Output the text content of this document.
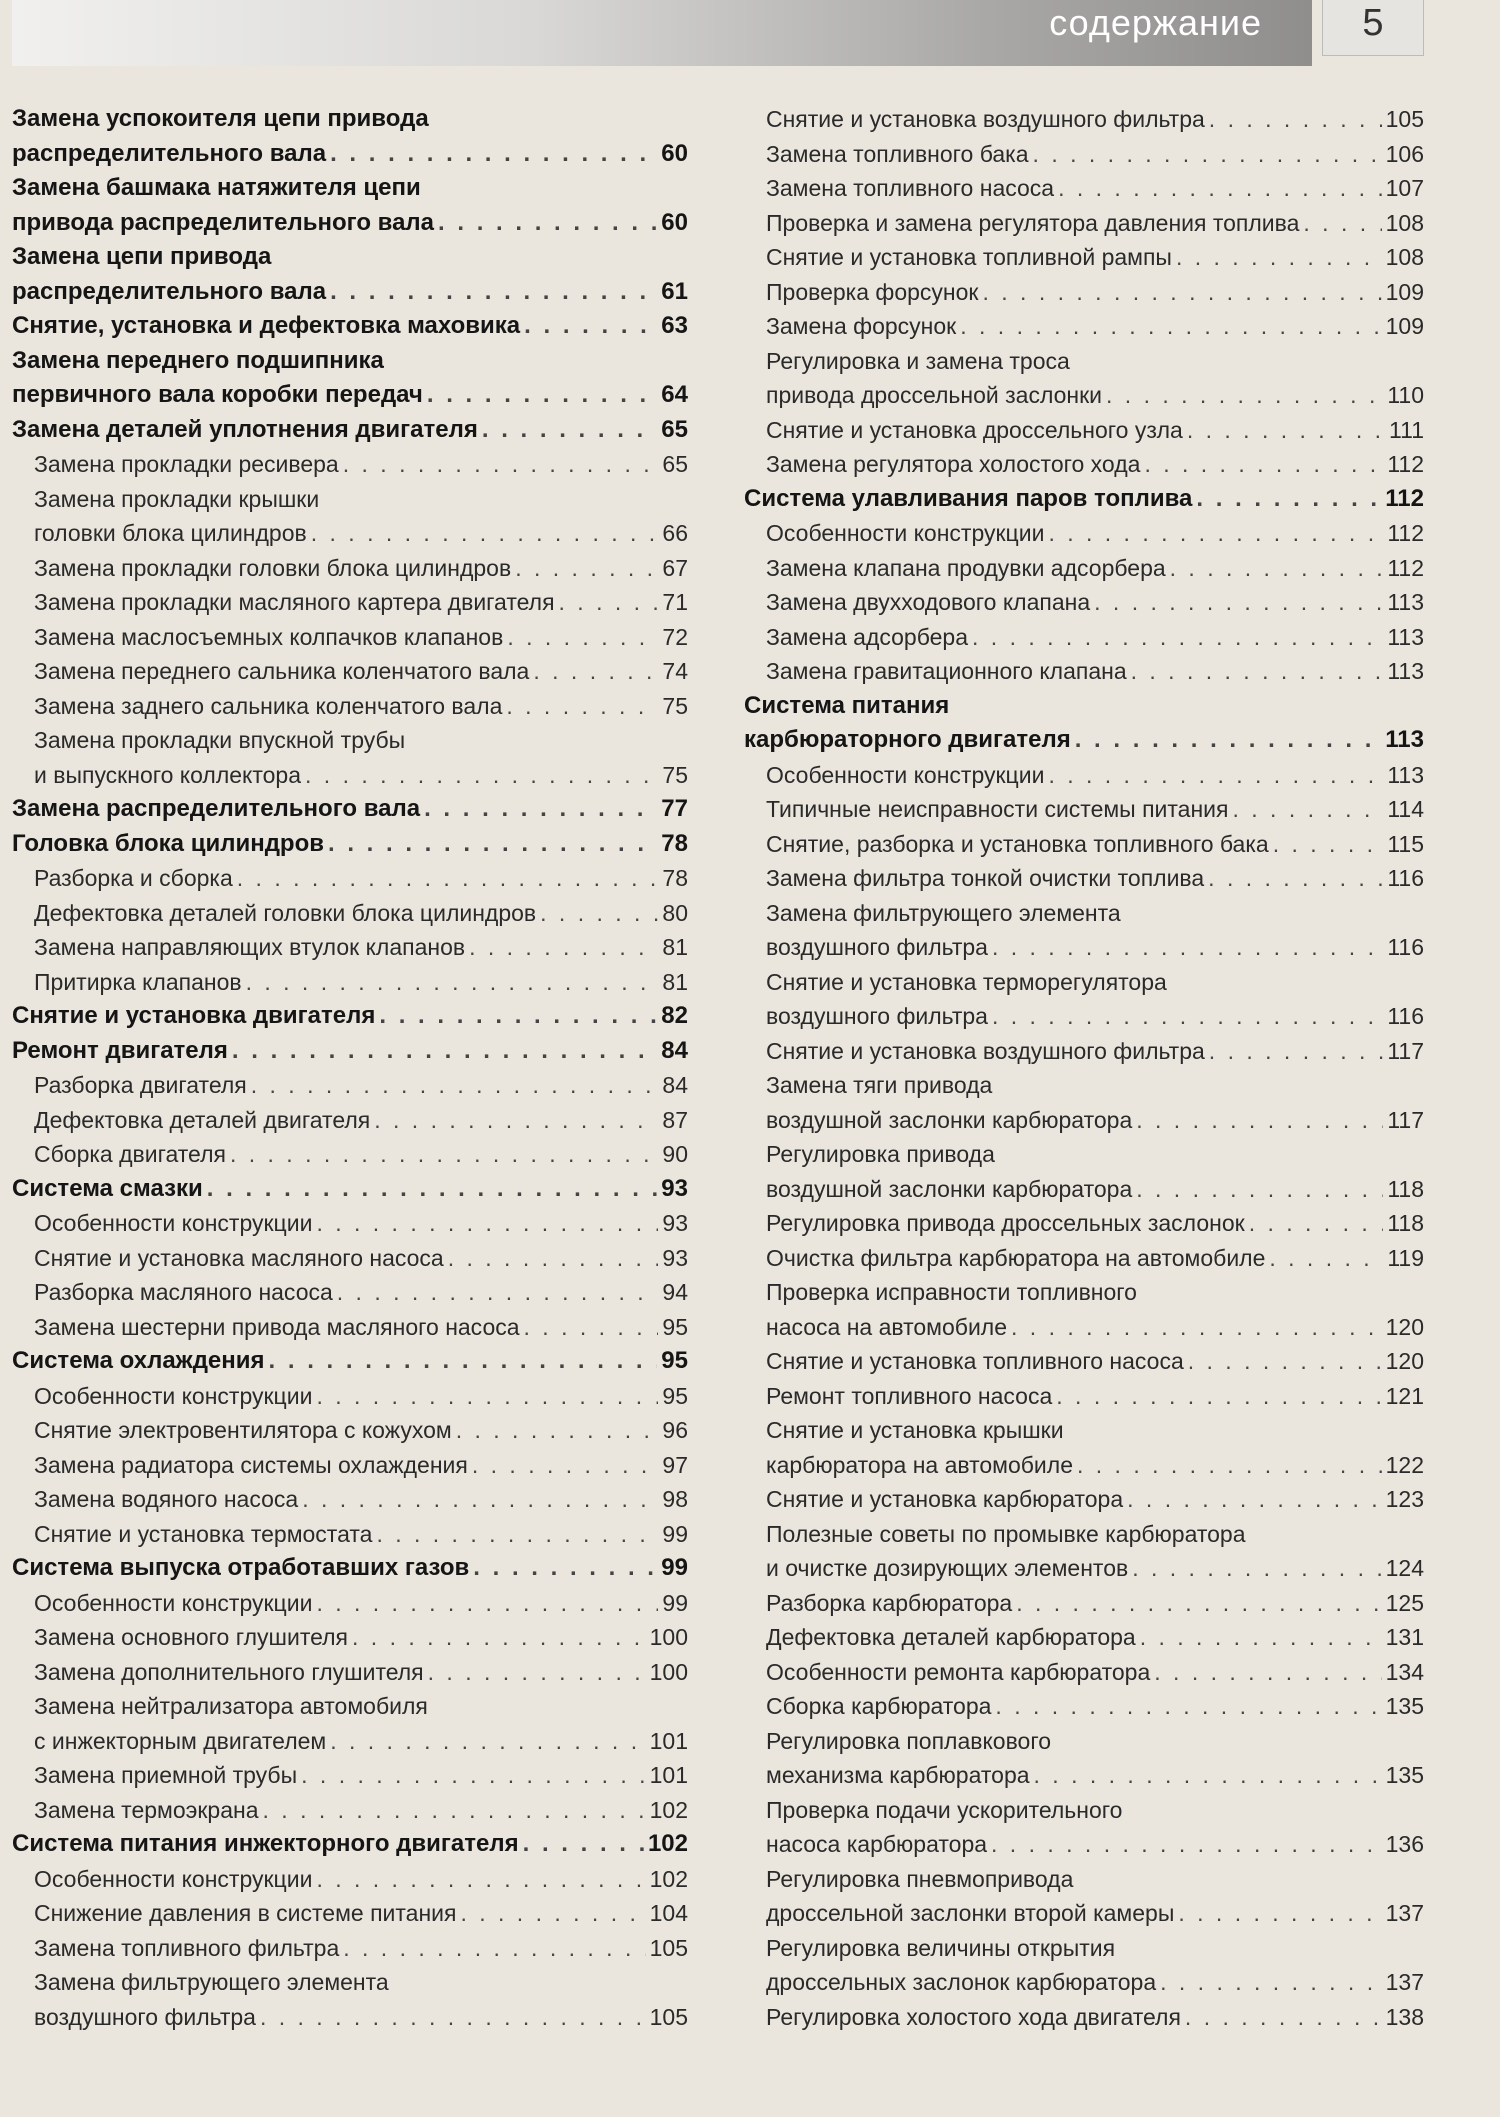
содержание	5
Замена успокоителя цепи привода
распределительного вала . . .	60
Замена башмака натяжителя цепи
привода распределительного вала . . .	60
Замена цепи привода
распределительного вала . . .	61
Снятие, установка и дефектовка маховика . . .	63
Замена переднего подшипника
первичного вала коробки передач . . .	64
Замена деталей уплотнения двигателя . . .	65
Замена прокладки ресивера . . .	65
Замена прокладки крышки
головки блока цилиндров . . .	66
Замена прокладки головки блока цилиндров . . .	67
Замена прокладки масляного картера двигателя . . .	71
Замена маслосъемных колпачков клапанов . . .	72
Замена переднего сальника коленчатого вала . . .	74
Замена заднего сальника коленчатого вала . . .	75
Замена прокладки впускной трубы
и выпускного коллектора . . .	75
Замена распределительного вала . . .	77
Головка блока цилиндров . . .	78
Разборка и сборка . . .	78
Дефектовка деталей головки блока цилиндров . . .	80
Замена направляющих втулок клапанов . . .	81
Притирка клапанов . . .	81
Снятие и установка двигателя . . .	82
Ремонт двигателя . . .	84
Разборка двигателя . . .	84
Дефектовка деталей двигателя . . .	87
Сборка двигателя . . .	90
Система смазки . . .	93
Особенности конструкции . . .	93
Снятие и установка масляного насоса . . .	93
Разборка масляного насоса . . .	94
Замена шестерни привода масляного насоса . . .	95
Система охлаждения . . .	95
Особенности конструкции . . .	95
Снятие электровентилятора с кожухом . . .	96
Замена радиатора системы охлаждения . . .	97
Замена водяного насоса . . .	98
Снятие и установка термостата . . .	99
Система выпуска отработавших газов . . .	99
Особенности конструкции . . .	99
Замена основного глушителя . . .	100
Замена дополнительного глушителя . . .	100
Замена нейтрализатора автомобиля
с инжекторным двигателем . . .	101
Замена приемной трубы . . .	101
Замена термоэкрана . . .	102
Система питания инжекторного двигателя . . .	102
Особенности конструкции . . .	102
Снижение давления в системе питания . . .	104
Замена топливного фильтра . . .	105
Замена фильтрующего элемента
воздушного фильтра . . .	105
Снятие и установка воздушного фильтра . . .	105
Замена топливного бака . . .	106
Замена топливного насоса . . .	107
Проверка и замена регулятора давления топлива . . .	108
Снятие и установка топливной рампы . . .	108
Проверка форсунок . . .	109
Замена форсунок . . .	109
Регулировка и замена троса
привода дроссельной заслонки . . .	110
Снятие и установка дроссельного узла . . .	111
Замена регулятора холостого хода . . .	112
Система улавливания паров топлива . . .	112
Особенности конструкции . . .	112
Замена клапана продувки адсорбера . . .	112
Замена двухходового клапана . . .	113
Замена адсорбера . . .	113
Замена гравитационного клапана . . .	113
Система питания
карбюраторного двигателя . . .	113
Особенности конструкции . . .	113
Типичные неисправности системы питания . . .	114
Снятие, разборка и установка топливного бака . . .	115
Замена фильтра тонкой очистки топлива . . .	116
Замена фильтрующего элемента
воздушного фильтра . . .	116
Снятие и установка терморегулятора
воздушного фильтра . . .	116
Снятие и установка воздушного фильтра . . .	117
Замена тяги привода
воздушной заслонки карбюратора . . .	117
Регулировка привода
воздушной заслонки карбюратора . . .	118
Регулировка привода дроссельных заслонок . . .	118
Очистка фильтра карбюратора на автомобиле . . .	119
Проверка исправности топливного
насоса на автомобиле . . .	120
Снятие и установка топливного насоса . . .	120
Ремонт топливного насоса . . .	121
Снятие и установка крышки
карбюратора на автомобиле . . .	122
Снятие и установка карбюратора . . .	123
Полезные советы по промывке карбюратора
и очистке дозирующих элементов . . .	124
Разборка карбюратора . . .	125
Дефектовка деталей карбюратора . . .	131
Особенности ремонта карбюратора . . .	134
Сборка карбюратора . . .	135
Регулировка поплавкового
механизма карбюратора . . .	135
Проверка подачи ускорительного
насоса карбюратора . . .	136
Регулировка пневмопривода
дроссельной заслонки второй камеры . . .	137
Регулировка величины открытия
дроссельных заслонок карбюратора . . .	137
Регулировка холостого хода двигателя . . .	138
